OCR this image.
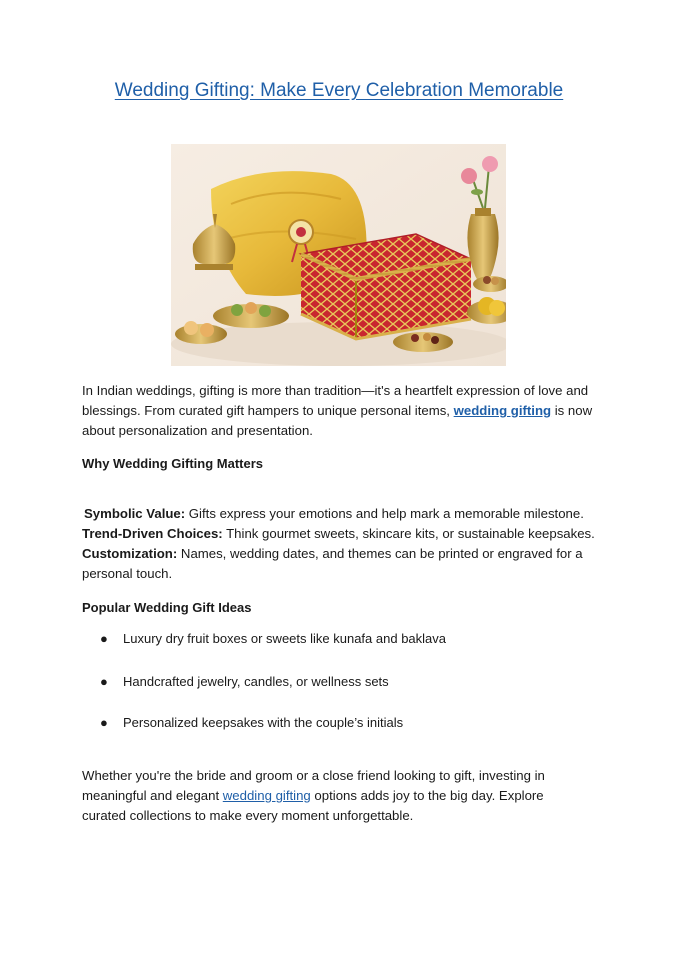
Wedding Gifting: Make Every Celebration Memorable
In Indian weddings, gifting is more than tradition—it's a heartfelt expression of love and blessings. From curated gift hampers to unique personal items, wedding gifting is now about personalization and presentation.
Why Wedding Gifting Matters
Symbolic Value: Gifts express your emotions and help mark a memorable milestone.
Trend-Driven Choices: Think gourmet sweets, skincare kits, or sustainable keepsakes.
Customization: Names, wedding dates, and themes can be printed or engraved for a personal touch.
Popular Wedding Gift Ideas
● Luxury dry fruit boxes or sweets like kunafa and baklava
● Handcrafted jewelry, candles, or wellness sets
● Personalized keepsakes with the couple’s initials
Whether you're the bride and groom or a close friend looking to gift, investing in meaningful and elegant wedding gifting options adds joy to the big day. Explore curated collections to make every moment unforgettable.
